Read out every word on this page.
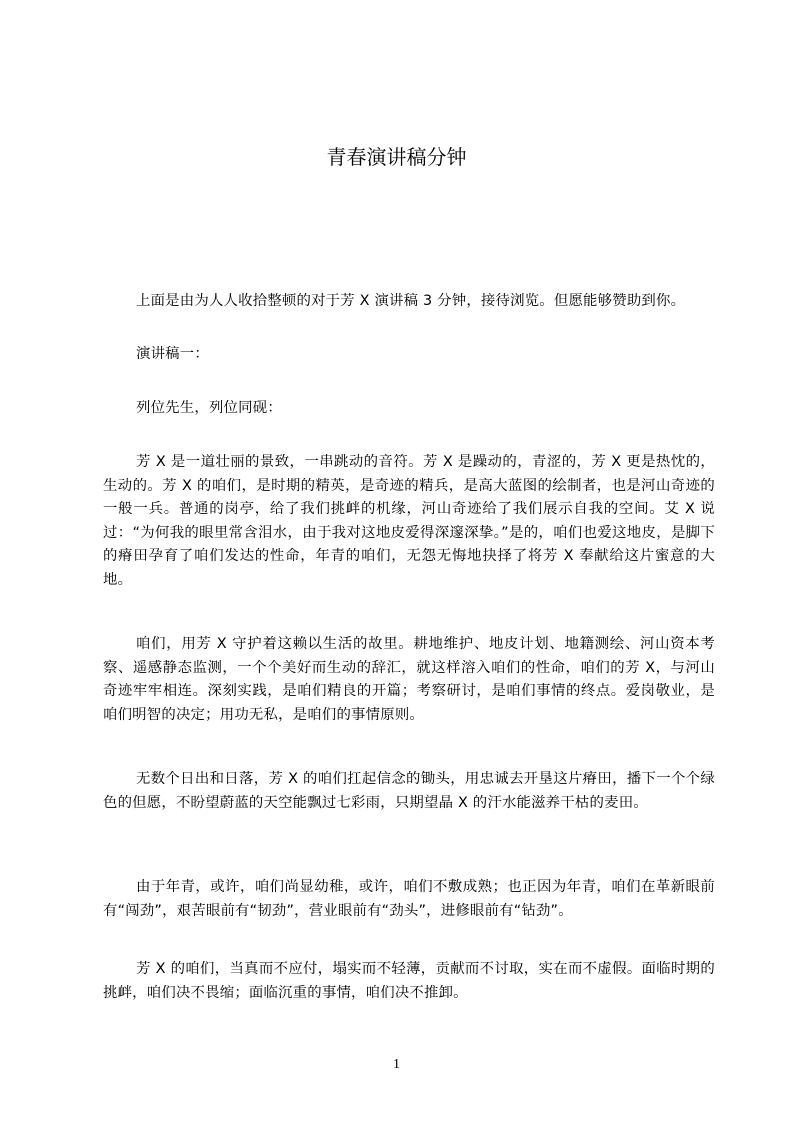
青春演讲稿分钟

上面是由为人人收拾整顿的对于芳 X 演讲稿 3 分钟，接待浏览。但愿能够赞助到你。

演讲稿一：

列位先生，列位同砚：

芳 X 是一道壮丽的景致，一串跳动的音符。芳 X 是躁动的，青涩的，芳 X 更是热忱的，生动的。芳 X 的咱们，是时期的精英，是奇迹的精兵，是高大蓝图的绘制者，也是河山奇迹的一般一兵。普通的岗亭，给了我们挑衅的机缘，河山奇迹给了我们展示自我的空间。艾 X 说过：“为何我的眼里常含泪水，由于我对这地皮爱得深邃深挚。”是的，咱们也爱这地皮，是脚下的瘠田孕育了咱们发达的性命，年青的咱们，无怨无悔地抉择了将芳 X 奉献给这片蜜意的大地。

咱们，用芳 X 守护着这赖以生活的故里。耕地维护、地皮计划、地籍测绘、河山资本考察、遥感静态监测，一个个美好而生动的辞汇，就这样溶入咱们的性命，咱们的芳 X，与河山奇迹牢牢相连。深刻实践，是咱们精良的开篇；考察研讨，是咱们事情的终点。爱岗敬业，是咱们明智的决定；用功无私，是咱们的事情原则。

无数个日出和日落，芳 X 的咱们扛起信念的锄头，用忠诚去开垦这片瘠田，播下一个个绿色的但愿，不盼望蔚蓝的天空能飘过七彩雨，只期望晶 X 的汗水能滋养干枯的麦田。

由于年青，或许，咱们尚显幼稚，或许，咱们不敷成熟；也正因为年青，咱们在革新眼前有“闯劲”，艰苦眼前有“韧劲”，营业眼前有“劲头”，进修眼前有“钻劲”。

芳 X 的咱们，当真而不应付，塌实而不轻薄，贡献而不讨取，实在而不虚假。面临时期的挑衅，咱们决不畏缩；面临沉重的事情，咱们决不推卸。

1
